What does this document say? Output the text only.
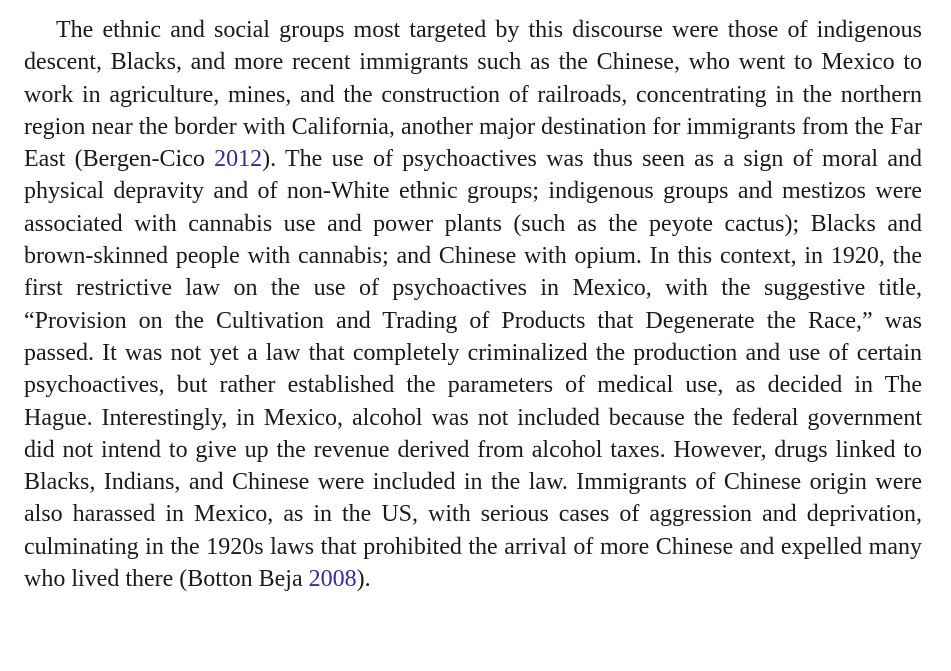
The ethnic and social groups most targeted by this discourse were those of indigenous descent, Blacks, and more recent immigrants such as the Chinese, who went to Mexico to work in agriculture, mines, and the construction of railroads, concentrating in the northern region near the border with California, another major destination for immigrants from the Far East (Bergen-Cico 2012). The use of psychoactives was thus seen as a sign of moral and physical depravity and of non-White ethnic groups; indigenous groups and mestizos were associated with cannabis use and power plants (such as the peyote cactus); Blacks and brown-skinned people with cannabis; and Chinese with opium. In this context, in 1920, the first restrictive law on the use of psychoactives in Mexico, with the suggestive title, “Provision on the Cultivation and Trading of Products that Degenerate the Race,” was passed. It was not yet a law that completely criminalized the production and use of certain psychoactives, but rather established the parameters of medical use, as decided in The Hague. Interestingly, in Mexico, alcohol was not included because the federal government did not intend to give up the revenue derived from alcohol taxes. However, drugs linked to Blacks, Indians, and Chinese were included in the law. Immigrants of Chinese origin were also harassed in Mexico, as in the US, with serious cases of aggression and deprivation, culminating in the 1920s laws that prohibited the arrival of more Chinese and expelled many who lived there (Botton Beja 2008).
